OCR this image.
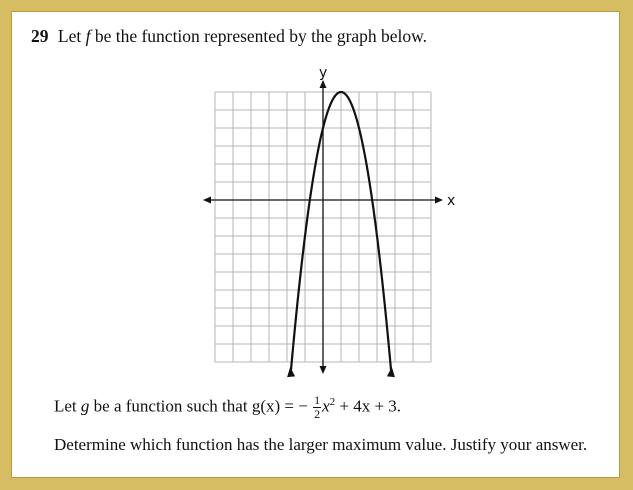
29 Let f be the function represented by the graph below.
x
y
Let g be a function such that g(x) = − $\frac{1}{2} x^2 + 4x + 3$.
Determine which function has the larger maximum value. Justify your answer.
